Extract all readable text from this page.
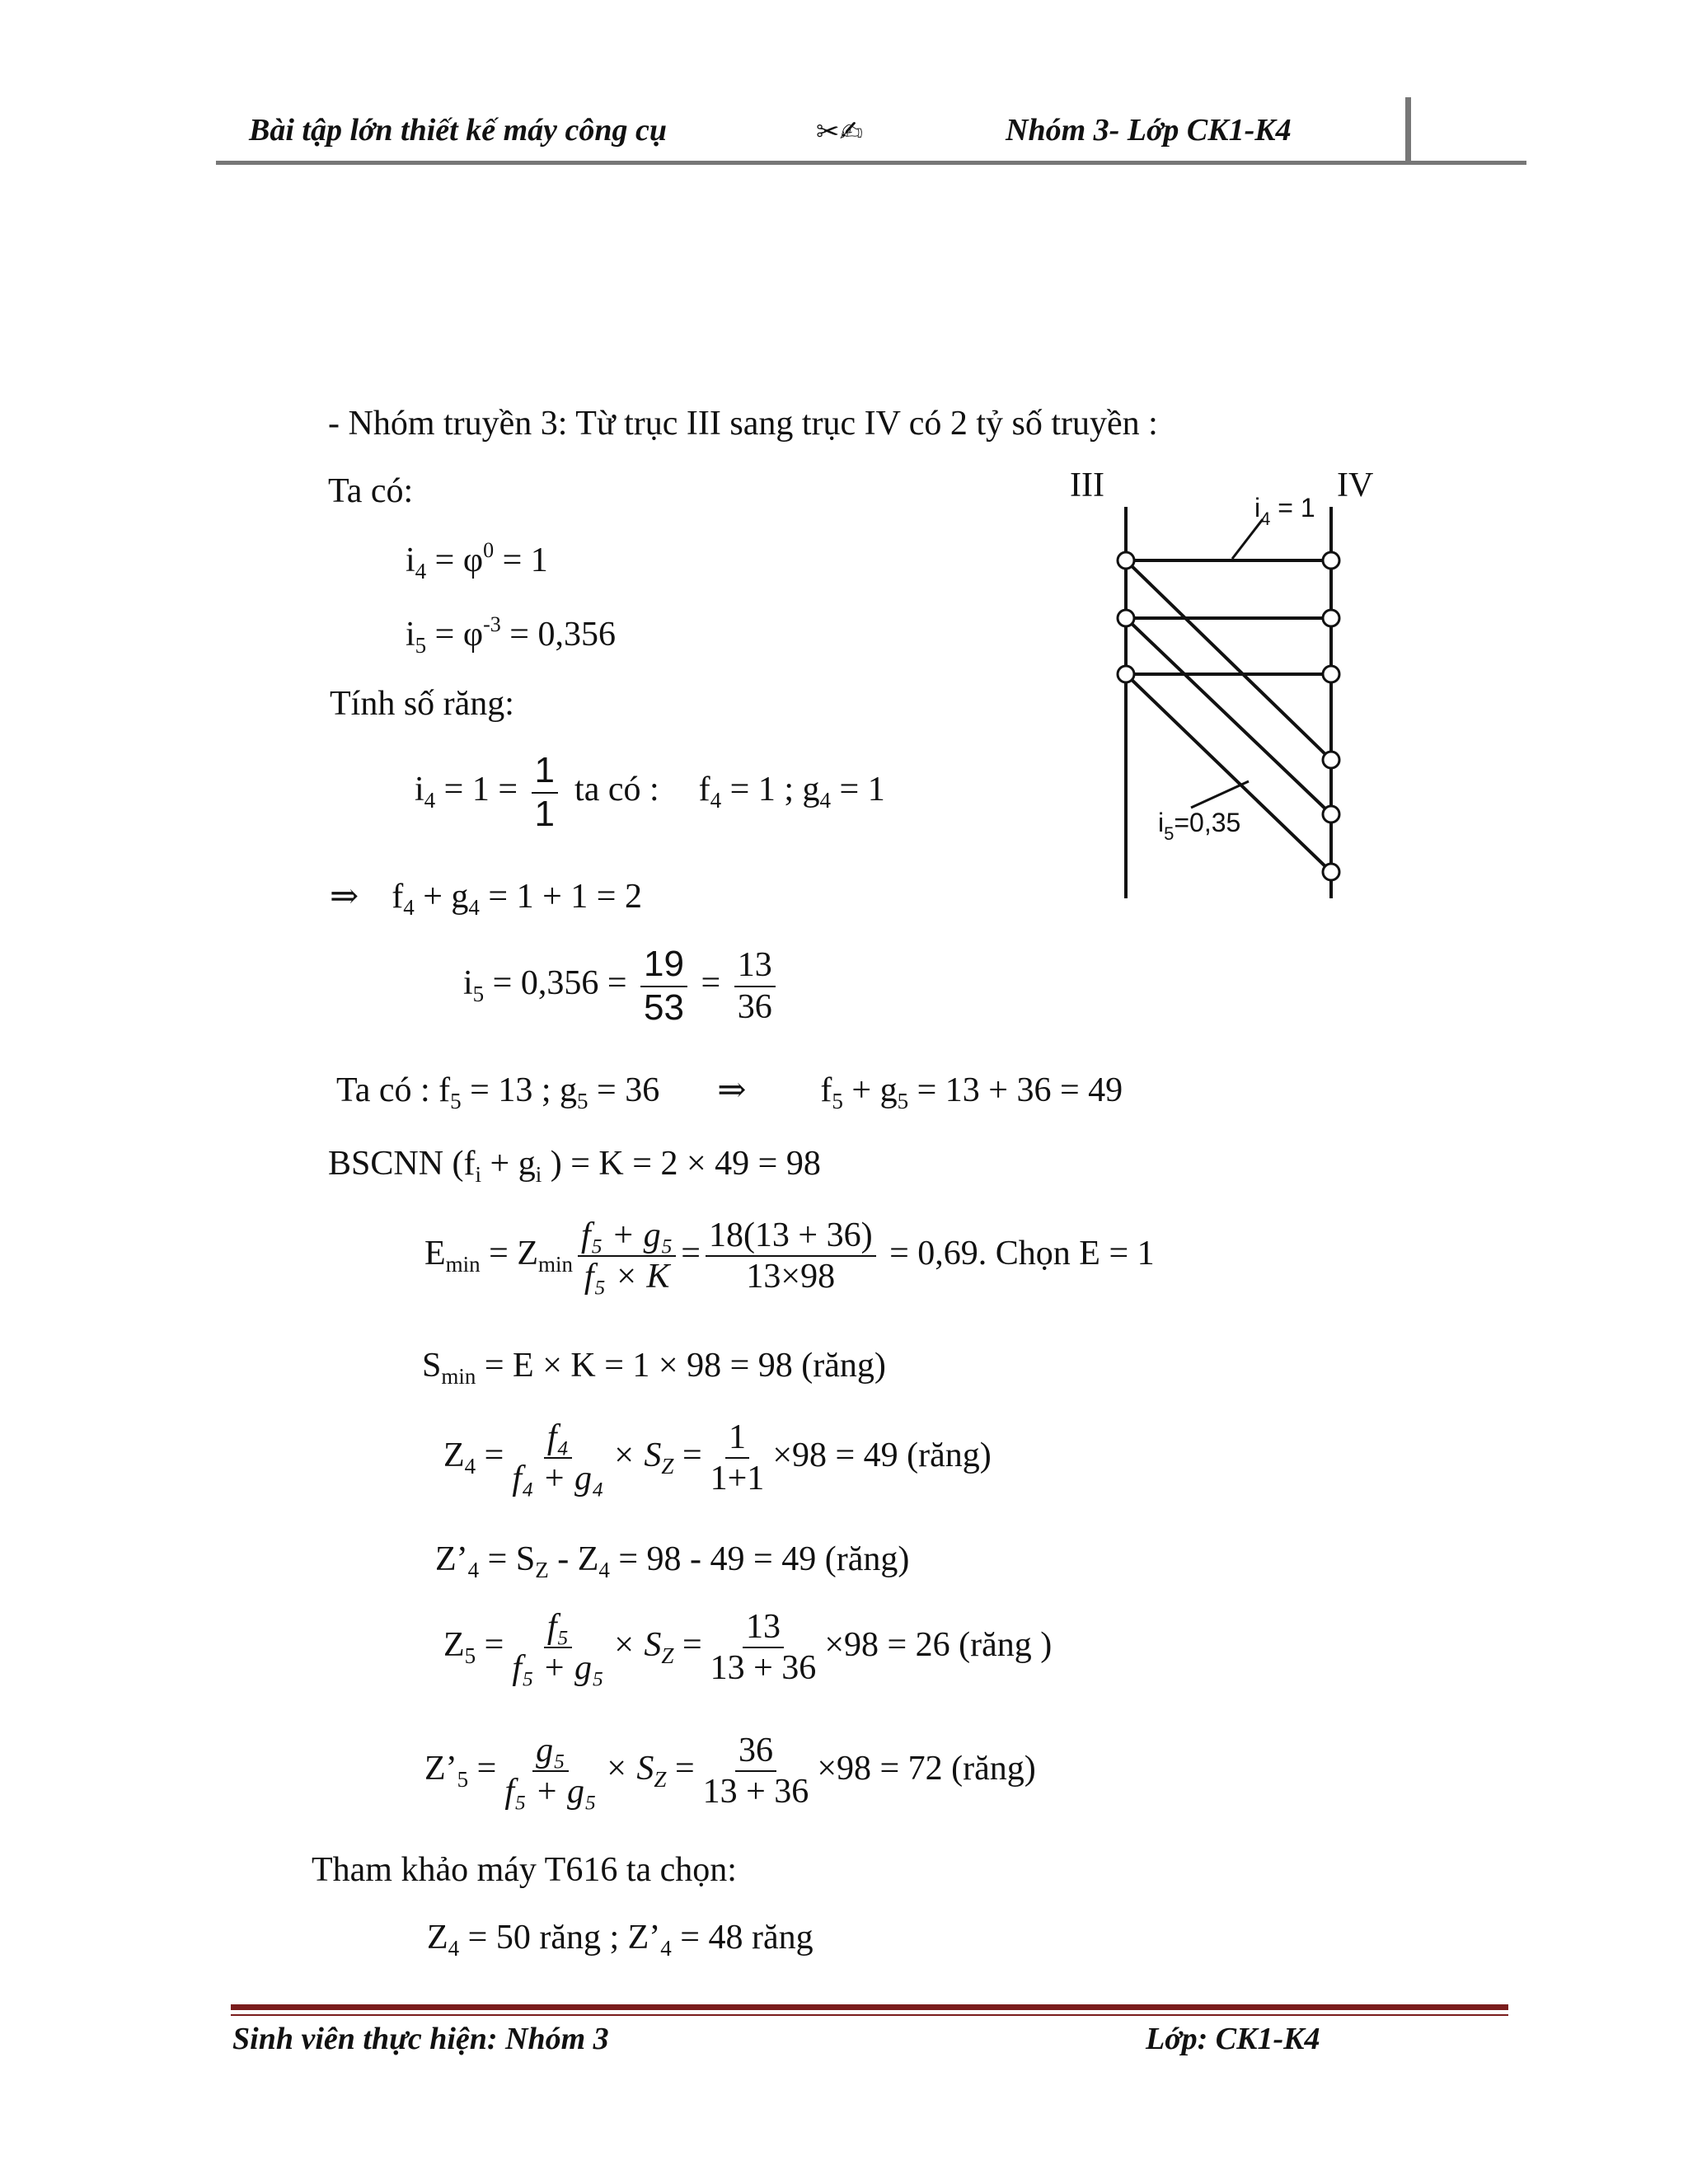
Bài tập lớn thiết kế máy công cụ	✂✍	Nhóm 3- Lớp CK1-K4
- Nhóm truyền 3: Từ trục III sang trục IV có 2 tỷ số truyền :
Ta có:
$i_4 = \varphi^0 = 1$
$i_5 = \varphi^{-3} = 0,356$
Tính số răng:
$i_4 = 1 = \frac{1}{1}$ ta có : $f_4 = 1$ ; $g_4 = 1$
⇒ $f_4 + g_4 = 1 + 1 = 2$
$i_5 = 0,356 = \frac{19}{53} = \frac{13}{36}$
Ta có : $f_5 = 13$ ; $g_5 = 36$ ⇒ $f_5 + g_5 = 13 + 36 = 49$
BSCNN ($f_i + g_i$ ) = K = 2 × 49 = 98
$E_{min} = Z_{min} \frac{\text{f₅ + g₅}}{\text{f₅ × K}} = \frac{18(13 + 36)}{13\times 98} = 0,69$. Chọn E = 1
$S_{min} = E \times K = 1 \times 98 = 98$ (răng)
$Z_4 = \frac{\text{f₄}}{\text{f₄ + g₄}} \times S_Z = \frac{1}{1+1} \times 98 = 49$ (răng)
$Z’_4 = S_Z - Z_4 = 98 - 49 = 49$ (răng)
$Z_5 = \frac{\text{f₅}}{\text{f₅ + g₅}} \times S_Z = \frac{13}{13 + 36} \times 98 = 26$ (răng )
$Z’_5 = \frac{\text{g₅}}{\text{f₅ + g₅}} \times S_Z = \frac{36}{13 + 36} \times 98 = 72$ (răng)
Tham khảo máy T616 ta chọn:
$Z_4 = 50$ răng ; $Z’_4 = 48$ răng
III	IV
$i_4 = 1$
$i_5=0,35$
Sinh viên thực hiện: Nhóm 3	Lớp: CK1-K4
